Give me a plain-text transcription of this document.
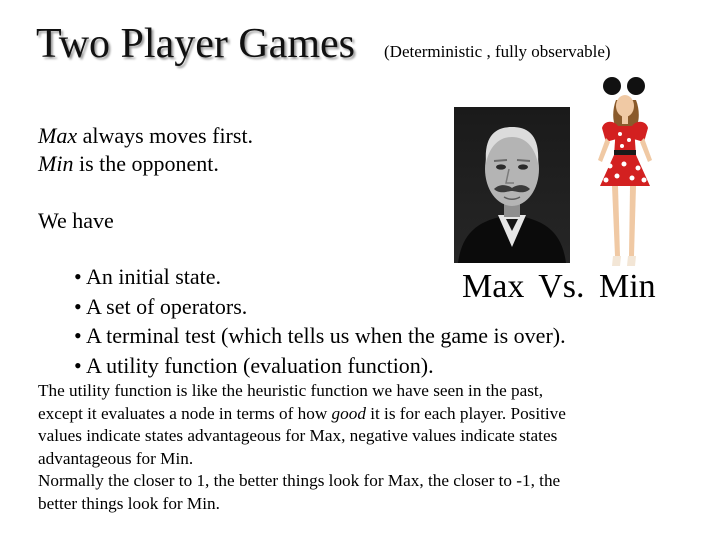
Two Player Games (Deterministic , fully observable)
Max always moves first.
Min is the opponent.
We have
• An initial state.
• A set of operators.
• A terminal test (which tells us when the game is over).
• A utility function (evaluation function).
Max Vs. Min
The utility function is like the heuristic function we have seen in the past,
except it evaluates a node in terms of how good it is for each player. Positive
values indicate states advantageous for Max, negative values indicate states
advantageous for Min.
Normally the closer to 1, the better things look for Max, the closer to -1, the
better things look for Min.
